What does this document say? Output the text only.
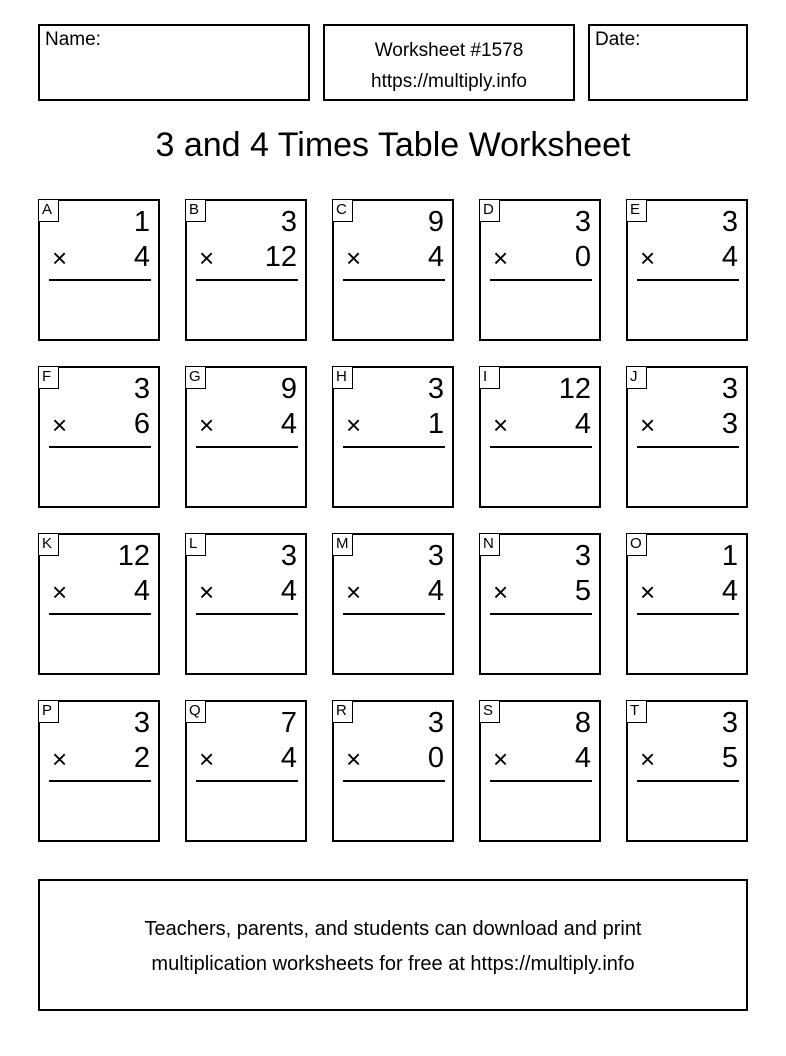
Name:
Worksheet #1578
https://multiply.info
Date:
3 and 4 Times Table Worksheet
A	1
× 4
B	3
× 12
C	9
× 4
D	3
× 0
E	3
× 4
F	3
× 6
G	9
× 4
H	3
× 1
I	12
× 4
J	3
× 3
K 12
× 4
L	3
× 4
M	3
× 4
N	3
× 5
O	1
× 4
P	3
× 2
Q	7
× 4
R	3
× 0
S	8
× 4
T	3
× 5
Teachers, parents, and students can download and print
multiplication worksheets for free at https://multiply.info
